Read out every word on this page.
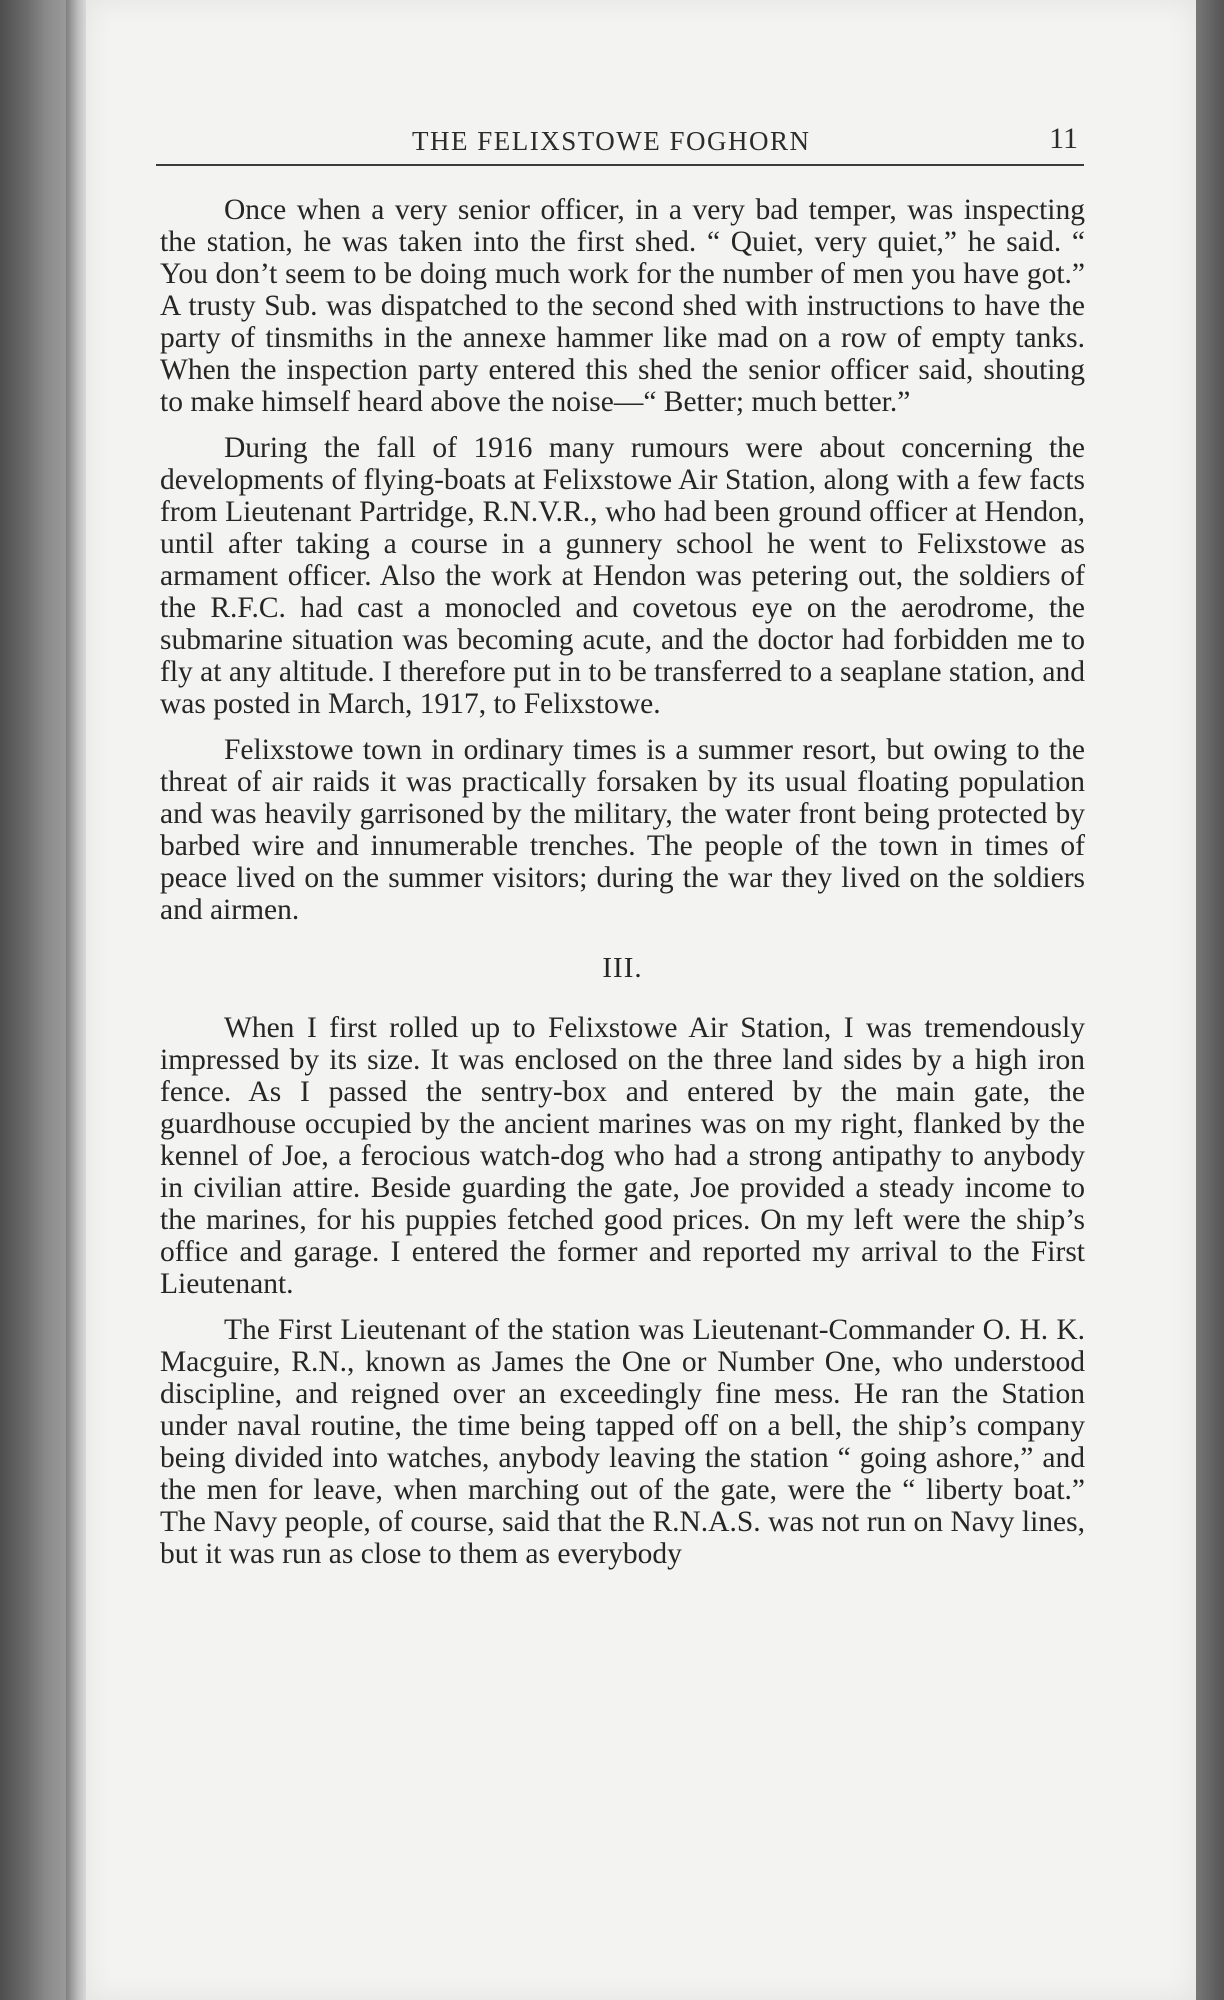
THE FELIXSTOWE FOGHORN	11

Once when a very senior officer, in a very bad temper, was inspecting the station, he was taken into the first shed. “ Quiet, very quiet,” he said. “ You don’t seem to be doing much work for the number of men you have got.” A trusty Sub. was dispatched to the second shed with instructions to have the party of tinsmiths in the annexe hammer like mad on a row of empty tanks. When the inspection party entered this shed the senior officer said, shouting to make himself heard above the noise—“ Better; much better.”

During the fall of 1916 many rumours were about concerning the developments of flying-boats at Felixstowe Air Station, along with a few facts from Lieutenant Partridge, R.N.V.R., who had been ground officer at Hendon, until after taking a course in a gunnery school he went to Felixstowe as armament officer. Also the work at Hendon was petering out, the soldiers of the R.F.C. had cast a monocled and covetous eye on the aerodrome, the submarine situation was becoming acute, and the doctor had forbidden me to fly at any altitude. I therefore put in to be transferred to a seaplane station, and was posted in March, 1917, to Felixstowe.

Felixstowe town in ordinary times is a summer resort, but owing to the threat of air raids it was practically forsaken by its usual floating population and was heavily garrisoned by the military, the water front being protected by barbed wire and innumerable trenches. The people of the town in times of peace lived on the summer visitors; during the war they lived on the soldiers and airmen.

III.

When I first rolled up to Felixstowe Air Station, I was tremendously impressed by its size. It was enclosed on the three land sides by a high iron fence. As I passed the sentry-box and entered by the main gate, the guardhouse occupied by the ancient marines was on my right, flanked by the kennel of Joe, a ferocious watch-dog who had a strong antipathy to anybody in civilian attire. Beside guarding the gate, Joe provided a steady income to the marines, for his puppies fetched good prices. On my left were the ship’s office and garage. I entered the former and reported my arrival to the First Lieutenant.

The First Lieutenant of the station was Lieutenant-Commander O. H. K. Macguire, R.N., known as James the One or Number One, who understood discipline, and reigned over an exceedingly fine mess. He ran the Station under naval routine, the time being tapped off on a bell, the ship’s company being divided into watches, anybody leaving the station “ going ashore,” and the men for leave, when marching out of the gate, were the “ liberty boat.” The Navy people, of course, said that the R.N.A.S. was not run on Navy lines, but it was run as close to them as everybody
